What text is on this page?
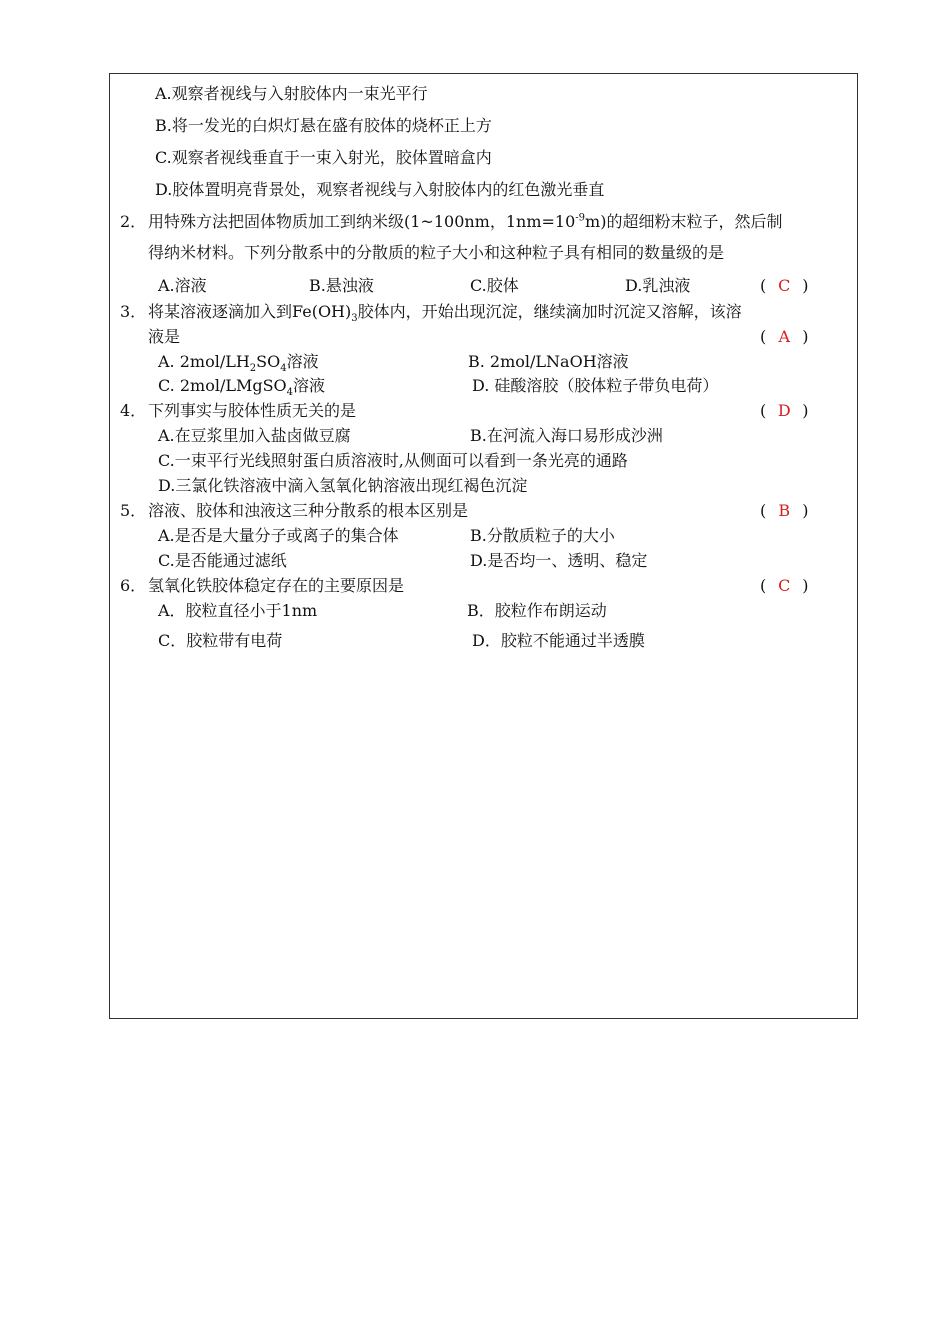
A.观察者视线与入射胶体内一束光平行
B.将一发光的白炽灯悬在盛有胶体的烧杯正上方
C.观察者视线垂直于一束入射光，胶体置暗盒内
D.胶体置明亮背景处，观察者视线与入射胶体内的红色激光垂直
2． 用特殊方法把固体物质加工到纳米级(1~100nm，$1nm=10^{-9}m$)的超细粉末粒子，然后制
得纳米材料。下列分散系中的分散质的粒子大小和这种粒子具有相同的数量级的是
A.溶液	B.悬浊液	C.胶体	D.乳浊液	( C )
3． 将某溶液逐滴加入到$Fe(OH)_3$胶体内，开始出现沉淀，继续滴加时沉淀又溶解，该溶
液是	( A )
A. $2mol/LH_2SO_4$溶液	B. 2mol/LNaOH溶液
C. 2mol/LMgSO$_4$溶液	D. 硅酸溶胶（胶体粒子带负电荷）
4． 下列事实与胶体性质无关的是	( D )
A.在豆浆里加入盐卤做豆腐	B.在河流入海口易形成沙洲
C.一束平行光线照射蛋白质溶液时,从侧面可以看到一条光亮的通路
D.三氯化铁溶液中滴入氢氧化钠溶液出现红褐色沉淀
5． 溶液、胶体和浊液这三种分散系的根本区别是	( B )
A.是否是大量分子或离子的集合体	B.分散质粒子的大小
C.是否能通过滤纸	D.是否均一、透明、稳定
6． 氢氧化铁胶体稳定存在的主要原因是	( C )
A．胶粒直径小于1nm	B．胶粒作布朗运动
C．胶粒带有电荷	D．胶粒不能通过半透膜
